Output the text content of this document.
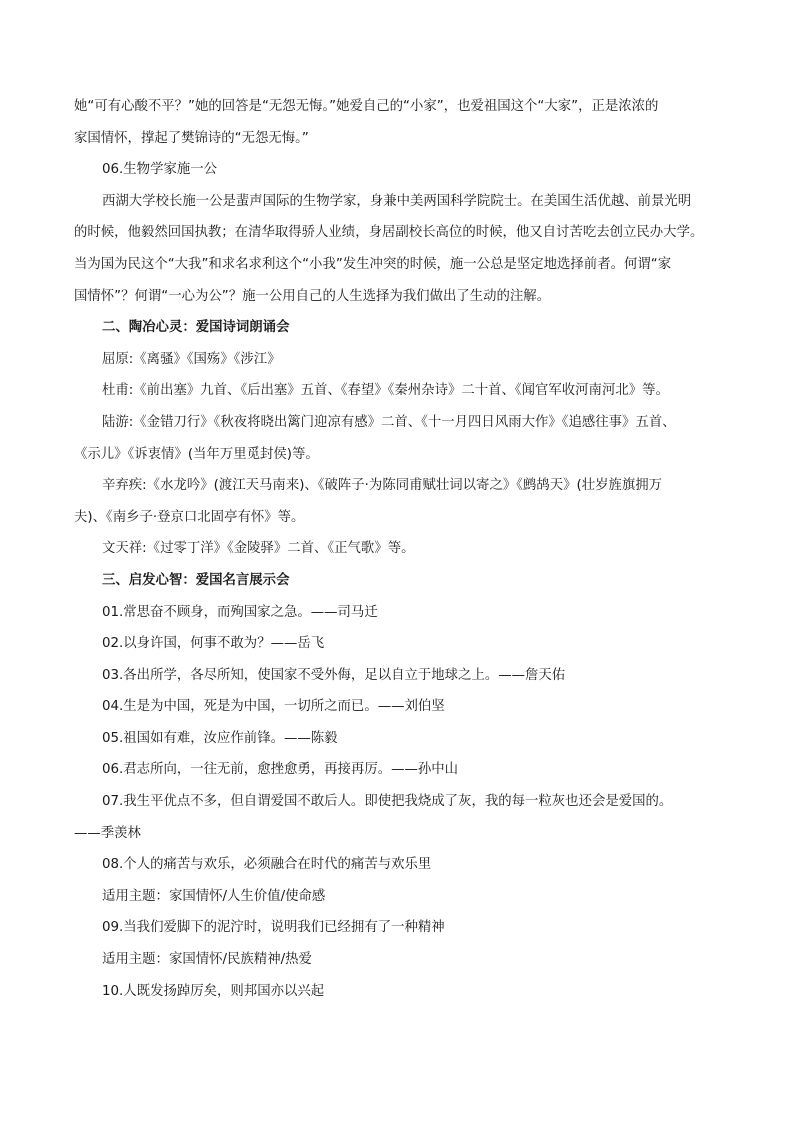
她“可有心酸不平？”她的回答是“无怨无悔。”她爱自己的“小家”，也爱祖国这个“大家”，正是浓浓的
家国情怀，撑起了樊锦诗的“无怨无悔。”
06.生物学家施一公
西湖大学校长施一公是蜚声国际的生物学家，身兼中美两国科学院院士。在美国生活优越、前景光明
的时候，他毅然回国执教；在清华取得骄人业绩，身居副校长高位的时候，他又自讨苦吃去创立民办大学。
当为国为民这个“大我”和求名求利这个“小我”发生冲突的时候，施一公总是坚定地选择前者。何谓“家
国情怀”？何谓“一心为公”？施一公用自己的人生选择为我们做出了生动的注解。
二、陶冶心灵：爱国诗词朗诵会
屈原:《离骚》《国殇》《涉江》
杜甫:《前出塞》九首、《后出塞》五首、《春望》《秦州杂诗》二十首、《闻官军收河南河北》等。
陆游:《金错刀行》《秋夜将晓出篱门迎凉有感》二首、《十一月四日风雨大作》《追感往事》五首、
《示儿》《诉衷情》(当年万里觅封侯)等。
辛弃疾:《水龙吟》(渡江天马南来)、《破阵子·为陈同甫赋壮词以寄之》《鹧鸪天》(壮岁旌旗拥万
夫)、《南乡子·登京口北固亭有怀》等。
文天祥:《过零丁洋》《金陵驿》二首、《正气歌》等。
三、启发心智：爱国名言展示会
01.常思奋不顾身，而殉国家之急。——司马迁
02.以身许国，何事不敢为？——岳飞
03.各出所学，各尽所知，使国家不受外侮，足以自立于地球之上。——詹天佑
04.生是为中国，死是为中国，一切所之而已。——刘伯坚
05.祖国如有难，汝应作前锋。——陈毅
06.君志所向，一往无前，愈挫愈勇，再接再厉。——孙中山
07.我生平优点不多，但自谓爱国不敢后人。即使把我烧成了灰，我的每一粒灰也还会是爱国的。
——季羡林
08.个人的痛苦与欢乐，必须融合在时代的痛苦与欢乐里
适用主题：家国情怀/人生价值/使命感
09.当我们爱脚下的泥泞时，说明我们已经拥有了一种精神
适用主题：家国情怀/民族精神/热爱
10.人既发扬踔厉矣，则邦国亦以兴起
